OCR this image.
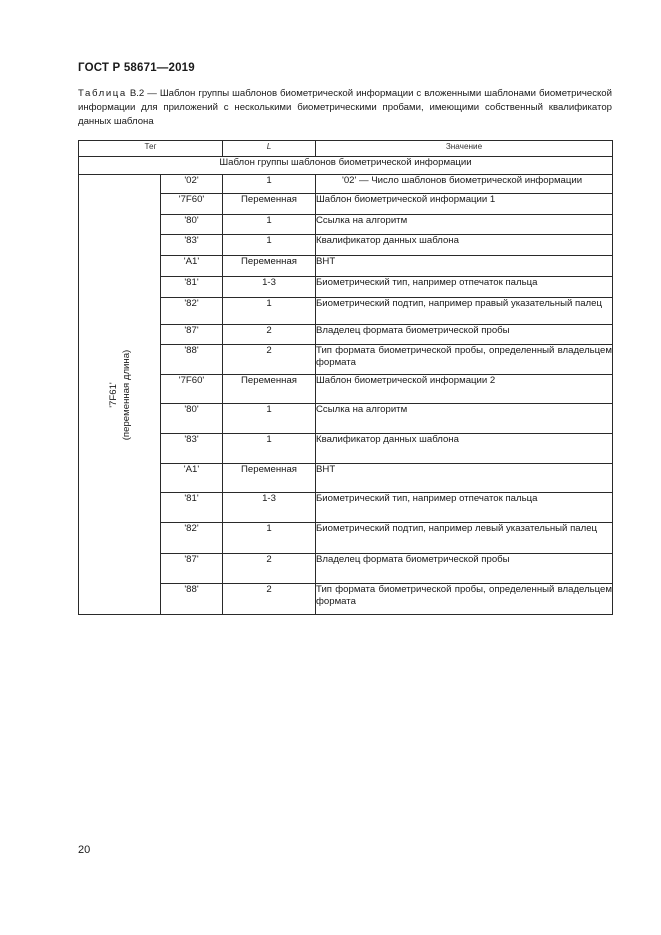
ГОСТ Р 58671—2019
Таблица В.2 — Шаблон группы шаблонов биометрической информации с вложенными шаблонами биометрической информации для приложений с несколькими биометрическими пробами, имеющими собственный квалификатор данных шаблона
Тег		L	Значение
Шаблон группы шаблонов биометрической информации			

'7F61' (переменная длина)	'02'	1	'02' — Число шаблонов биометрической информации
	'7F60'	Переменная	Шаблон биометрической информации 1
	'80'	1	Ссылка на алгоритм
	'83'	1	Квалификатор данных шаблона
	'A1'	Переменная	ВНТ
	'81'	1-3	Биометрический тип, например отпечаток пальца
	'82'	1	Биометрический подтип, например правый указательный палец
	'87'	2	Владелец формата биометрической пробы
	'88'	2	Тип формата биометрической пробы, определенный владельцем формата
	'7F60'	Переменная	Шаблон биометрической информации 2
	'80'	1	Ссылка на алгоритм
	'83'	1	Квалификатор данных шаблона
	'A1'	Переменная	ВНТ
	'81'	1-3	Биометрический тип, например отпечаток пальца
	'82'	1	Биометрический подтип, например левый указательный палец
	'87'	2	Владелец формата биометрической пробы
	'88'	2	Тип формата биометрической пробы, определенный владельцем формата
20
